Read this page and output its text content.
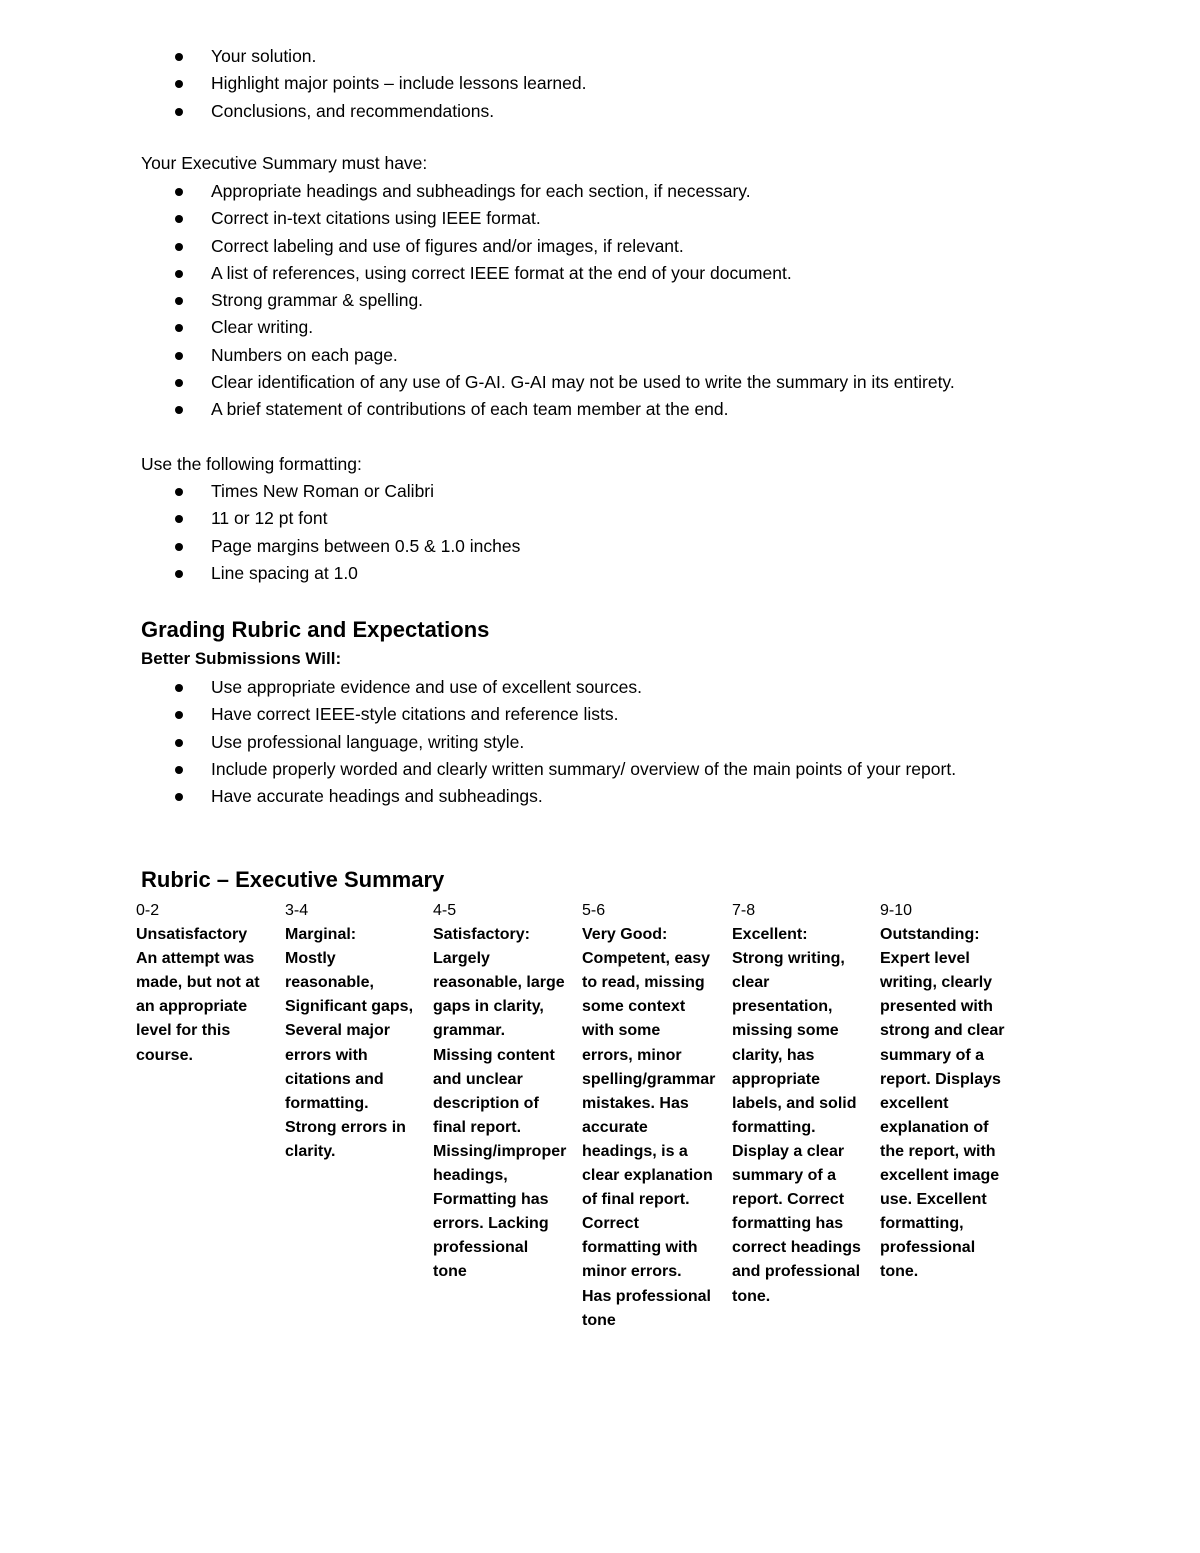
Your solution.
Highlight major points – include lessons learned.
Conclusions, and recommendations.
Your Executive Summary must have:
Appropriate headings and subheadings for each section, if necessary.
Correct in-text citations using IEEE format.
Correct labeling and use of figures and/or images, if relevant.
A list of references, using correct IEEE format at the end of your document.
Strong grammar & spelling.
Clear writing.
Numbers on each page.
Clear identification of any use of G-AI. G-AI may not be used to write the summary in its entirety.
A brief statement of contributions of each team member at the end.
Use the following formatting:
Times New Roman or Calibri
11 or 12 pt font
Page margins between 0.5 & 1.0 inches
Line spacing at 1.0
Grading Rubric and Expectations
Better Submissions Will:
Use appropriate evidence and use of excellent sources.
Have correct IEEE-style citations and reference lists.
Use professional language, writing style.
Include properly worded and clearly written summary/ overview of the main points of your report.
Have accurate headings and subheadings.
Rubric – Executive Summary
0-2
Unsatisfactory
An attempt was made, but not at an appropriate level for this course.
3-4
Marginal:
Mostly reasonable, Significant gaps, Several major errors with citations and formatting. Strong errors in clarity.
4-5
Satisfactory:
Largely reasonable, large gaps in clarity, grammar. Missing content and unclear description of final report. Missing/improper headings, Formatting has errors. Lacking professional tone
5-6
Very Good:
Competent, easy to read, missing some context with some errors, minor spelling/grammar mistakes. Has accurate headings, is a clear explanation of final report. Correct formatting with minor errors. Has professional tone
7-8
Excellent:
Strong writing, clear presentation, missing some clarity, has appropriate labels, and solid formatting. Display a clear summary of a report. Correct formatting has correct headings and professional tone.
9-10
Outstanding:
Expert level writing, clearly presented with strong and clear summary of a report. Displays excellent explanation of the report, with excellent image use. Excellent formatting, professional tone.
